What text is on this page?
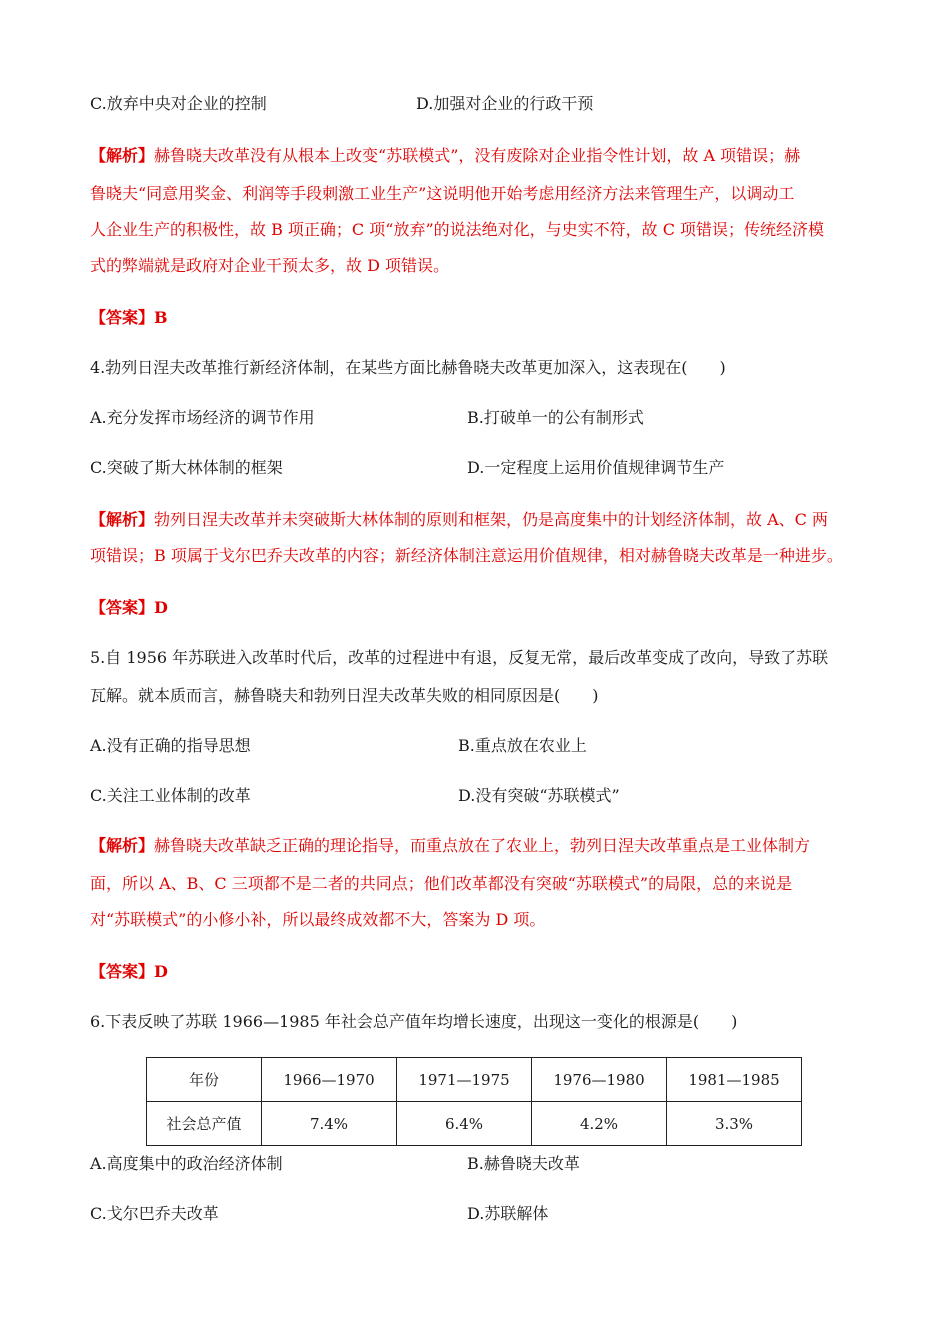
C.放弃中央对企业的控制	D.加强对企业的行政干预
【解析】赫鲁晓夫改革没有从根本上改变“苏联模式”，没有废除对企业指令性计划，故 A 项错误；赫
鲁晓夫“同意用奖金、利润等手段刺激工业生产”这说明他开始考虑用经济方法来管理生产，以调动工
人企业生产的积极性，故 B 项正确；C 项“放弃”的说法绝对化，与史实不符，故 C 项错误；传统经济模
式的弊端就是政府对企业干预太多，故 D 项错误。
【答案】B
4.勃列日涅夫改革推行新经济体制，在某些方面比赫鲁晓夫改革更加深入，这表现在(　　)
A.充分发挥市场经济的调节作用	B.打破单一的公有制形式
C.突破了斯大林体制的框架	D.一定程度上运用价值规律调节生产
【解析】勃列日涅夫改革并未突破斯大林体制的原则和框架，仍是高度集中的计划经济体制，故 A、C 两
项错误；B 项属于戈尔巴乔夫改革的内容；新经济体制注意运用价值规律，相对赫鲁晓夫改革是一种进步。
【答案】D
5.自 1956 年苏联进入改革时代后，改革的过程进中有退，反复无常，最后改革变成了改向，导致了苏联
瓦解。就本质而言，赫鲁晓夫和勃列日涅夫改革失败的相同原因是(　　)
A.没有正确的指导思想	B.重点放在农业上
C.关注工业体制的改革	D.没有突破“苏联模式”
【解析】赫鲁晓夫改革缺乏正确的理论指导，而重点放在了农业上，勃列日涅夫改革重点是工业体制方
面，所以 A、B、C 三项都不是二者的共同点；他们改革都没有突破“苏联模式”的局限，总的来说是
对“苏联模式”的小修小补，所以最终成效都不大，答案为 D 项。
【答案】D
6.下表反映了苏联 1966—1985 年社会总产值年均增长速度，出现这一变化的根源是(　　)
年份	1966—1970	1971—1975	1976—1980	1981—1985
社会总产值	7.4%	6.4%	4.2%	3.3%
A.高度集中的政治经济体制	B.赫鲁晓夫改革
C.戈尔巴乔夫改革	D.苏联解体
